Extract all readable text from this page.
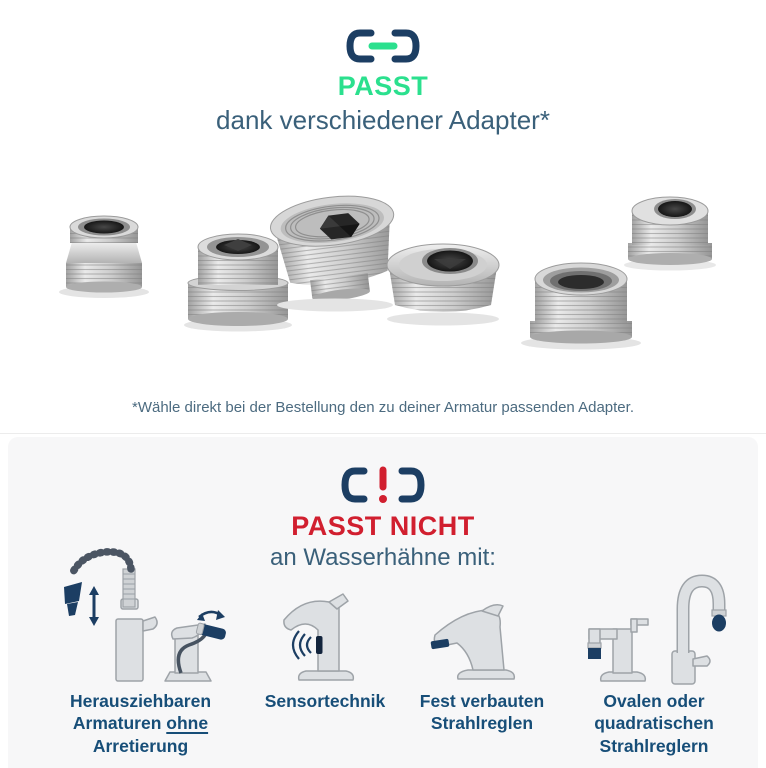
PASST
dank verschiedener Adapter*
*Wähle direkt bei der Bestellung den zu deiner Armatur passenden Adapter.
PASST NICHT
an Wasserhähne mit:
Herausziehbaren
Armaturen ohne
Arretierung
Sensortechnik Fest verbauten
Strahlreglen
Ovalen oder
quadratischen
Strahlreglern
